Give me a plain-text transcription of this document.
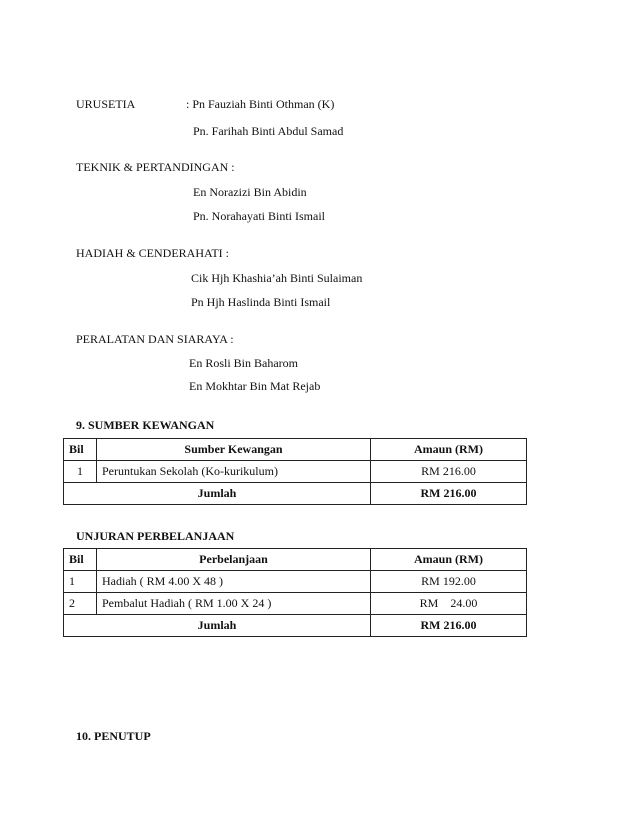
URUSETIA	: Pn Fauziah Binti Othman (K)
Pn. Farihah Binti Abdul Samad
TEKNIK & PERTANDINGAN :
En Norazizi Bin Abidin
Pn. Norahayati Binti Ismail
HADIAH & CENDERAHATI :
Cik Hjh Khashia’ah Binti Sulaiman
Pn Hjh Haslinda Binti Ismail
PERALATAN DAN SIARAYA :
En Rosli Bin Baharom
En Mokhtar Bin Mat Rejab
9. SUMBER KEWANGAN
Bil	Sumber Kewangan	Amaun (RM)
1	Peruntukan Sekolah (Ko-kurikulum)	RM 216.00
Jumlah		RM 216.00
UNJURAN PERBELANJAAN
Bil	Perbelanjaan	Amaun (RM)
1	Hadiah ( RM 4.00 X 48 )	RM 192.00
2	Pembalut Hadiah ( RM 1.00 X 24 )	RM    24.00
Jumlah		RM 216.00
10. PENUTUP
